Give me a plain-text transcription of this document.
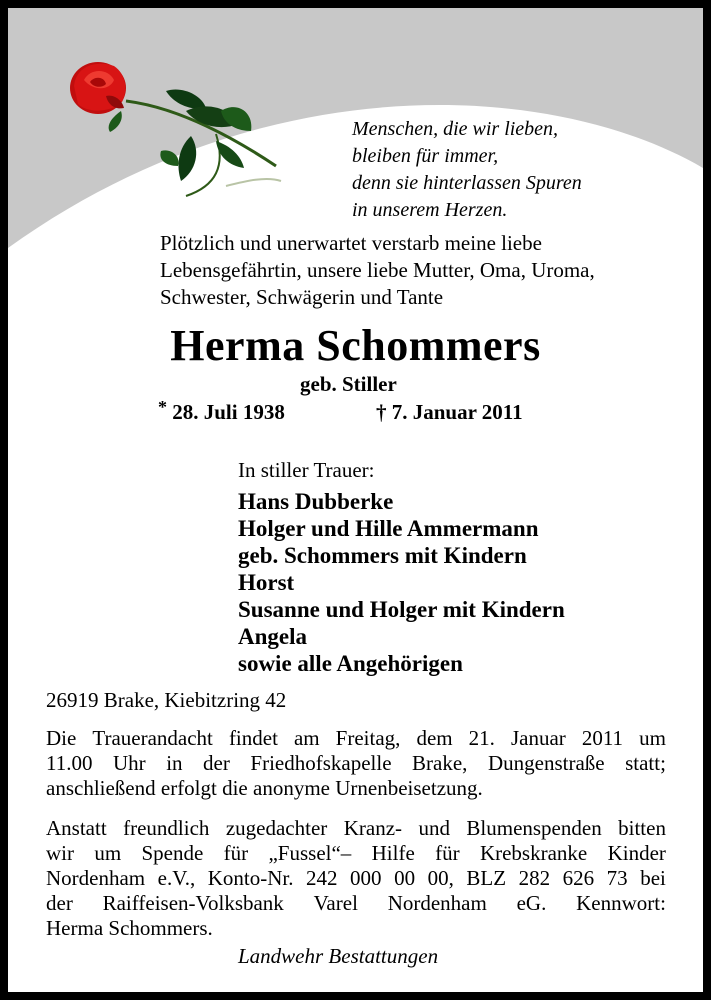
Menschen, die wir lieben,
bleiben für immer,
denn sie hinterlassen Spuren
in unserem Herzen.
Plötzlich und unerwartet verstarb meine liebe
Lebensgefährtin, unsere liebe Mutter, Oma, Uroma,
Schwester, Schwägerin und Tante
Herma Schommers
geb. Stiller
* 28. Juli 1938	† 7. Januar 2011
In stiller Trauer:
Hans Dubberke
Holger und Hille Ammermann
geb. Schommers mit Kindern
Horst
Susanne und Holger mit Kindern
Angela
sowie alle Angehörigen
26919 Brake, Kiebitzring 42
Die Trauerandacht findet am Freitag, dem 21. Januar 2011 um
11.00 Uhr in der Friedhofskapelle Brake, Dungenstraße statt;
anschließend erfolgt die anonyme Urnenbeisetzung.
Anstatt freundlich zugedachter Kranz- und Blumenspenden bitten
wir um Spende für „Fussel“– Hilfe für Krebskranke Kinder
Nordenham e.V., Konto-Nr. 242 000 00 00, BLZ 282 626 73 bei
der Raiffeisen-Volksbank Varel Nordenham eG. Kennwort:
Herma Schommers.
Landwehr Bestattungen
